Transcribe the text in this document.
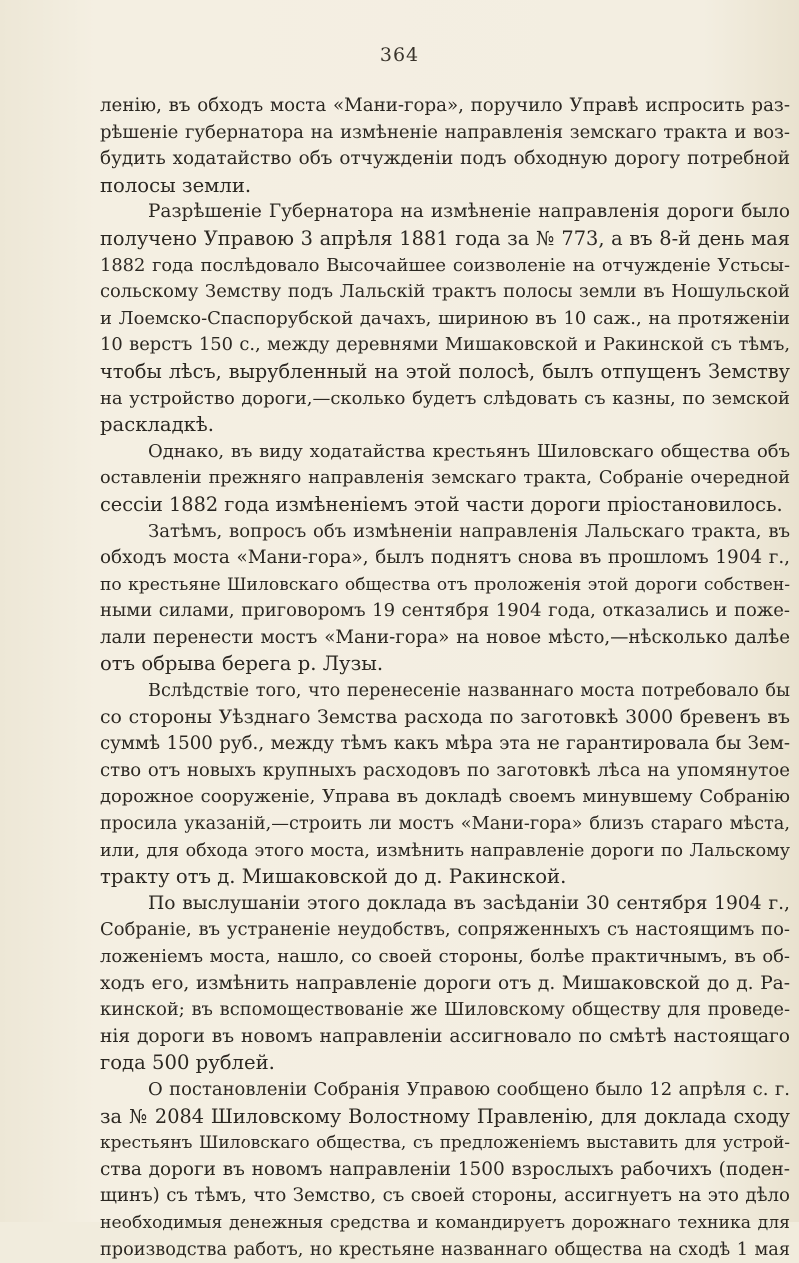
364
ленію, въ обходъ моста «Мани-гора», поручило Управѣ испросить раз-
рѣшеніе губернатора на измѣненіе направленія земскаго тракта и воз-
будить ходатайство объ отчужденіи подъ обходную дорогу потребной
полосы земли.
Разрѣшеніе Губернатора на измѣненіе направленія дороги было
получено Управою 3 апрѣля 1881 года за № 773, а въ 8-й день мая
1882 года послѣдовало Высочайшее соизволеніе на отчужденіе Устьсы-
сольскому Земству подъ Лальскій трактъ полосы земли въ Ношульской
и Лоемско-Спаспорубской дачахъ, шириною въ 10 саж., на протяженіи
10 верстъ 150 с., между деревнями Мишаковской и Ракинской съ тѣмъ,
чтобы лѣсъ, вырубленный на этой полосѣ, былъ отпущенъ Земству
на устройство дороги,—сколько будетъ слѣдовать съ казны, по земской
раскладкѣ.
Однако, въ виду ходатайства крестьянъ Шиловскаго общества объ
оставленіи прежняго направленія земскаго тракта, Собраніе очередной
сессіи 1882 года измѣненіемъ этой части дороги пріостановилось.
Затѣмъ, вопросъ объ измѣненіи направленія Лальскаго тракта, въ
обходъ моста «Мани-гора», былъ поднятъ снова въ прошломъ 1904 г.,
по крестьяне Шиловскаго общества отъ проложенія этой дороги собствен-
ными силами, приговоромъ 19 сентября 1904 года, отказались и поже-
лали перенести мостъ «Мани-гора» на новое мѣсто,—нѣсколько далѣе
отъ обрыва берега р. Лузы.
Вслѣдствіе того, что перенесеніе названнаго моста потребовало бы
со стороны Уѣзднаго Земства расхода по заготовкѣ 3000 бревенъ въ
суммѣ 1500 руб., между тѣмъ какъ мѣра эта не гарантировала бы Зем-
ство отъ новыхъ крупныхъ расходовъ по заготовкѣ лѣса на упомянутое
дорожное сооруженіе, Управа въ докладѣ своемъ минувшему Собранію
просила указаній,—строить ли мостъ «Мани-гора» близъ стараго мѣста,
или, для обхода этого моста, измѣнить направленіе дороги по Лальскому
тракту отъ д. Мишаковской до д. Ракинской.
По выслушаніи этого доклада въ засѣданіи 30 сентября 1904 г.,
Собраніе, въ устраненіе неудобствъ, сопряженныхъ съ настоящимъ по-
ложеніемъ моста, нашло, со своей стороны, болѣе практичнымъ, въ об-
ходъ его, измѣнить направленіе дороги отъ д. Мишаковской до д. Ра-
кинской; въ вспомоществованіе же Шиловскому обществу для проведе-
нія дороги въ новомъ направленіи ассигновало по смѣтѣ настоящаго
года 500 рублей.
О постановленіи Собранія Управою сообщено было 12 апрѣля с. г.
за № 2084 Шиловскому Волостному Правленію, для доклада сходу
крестьянъ Шиловскаго общества, съ предложеніемъ выставить для устрой-
ства дороги въ новомъ направленіи 1500 взрослыхъ рабочихъ (поден-
щинъ) съ тѣмъ, что Земство, съ своей стороны, ассигнуетъ на это дѣло
необходимыя денежныя средства и командируетъ дорожнаго техника для
производства работъ, но крестьяне названнаго общества на сходѣ 1 мая
